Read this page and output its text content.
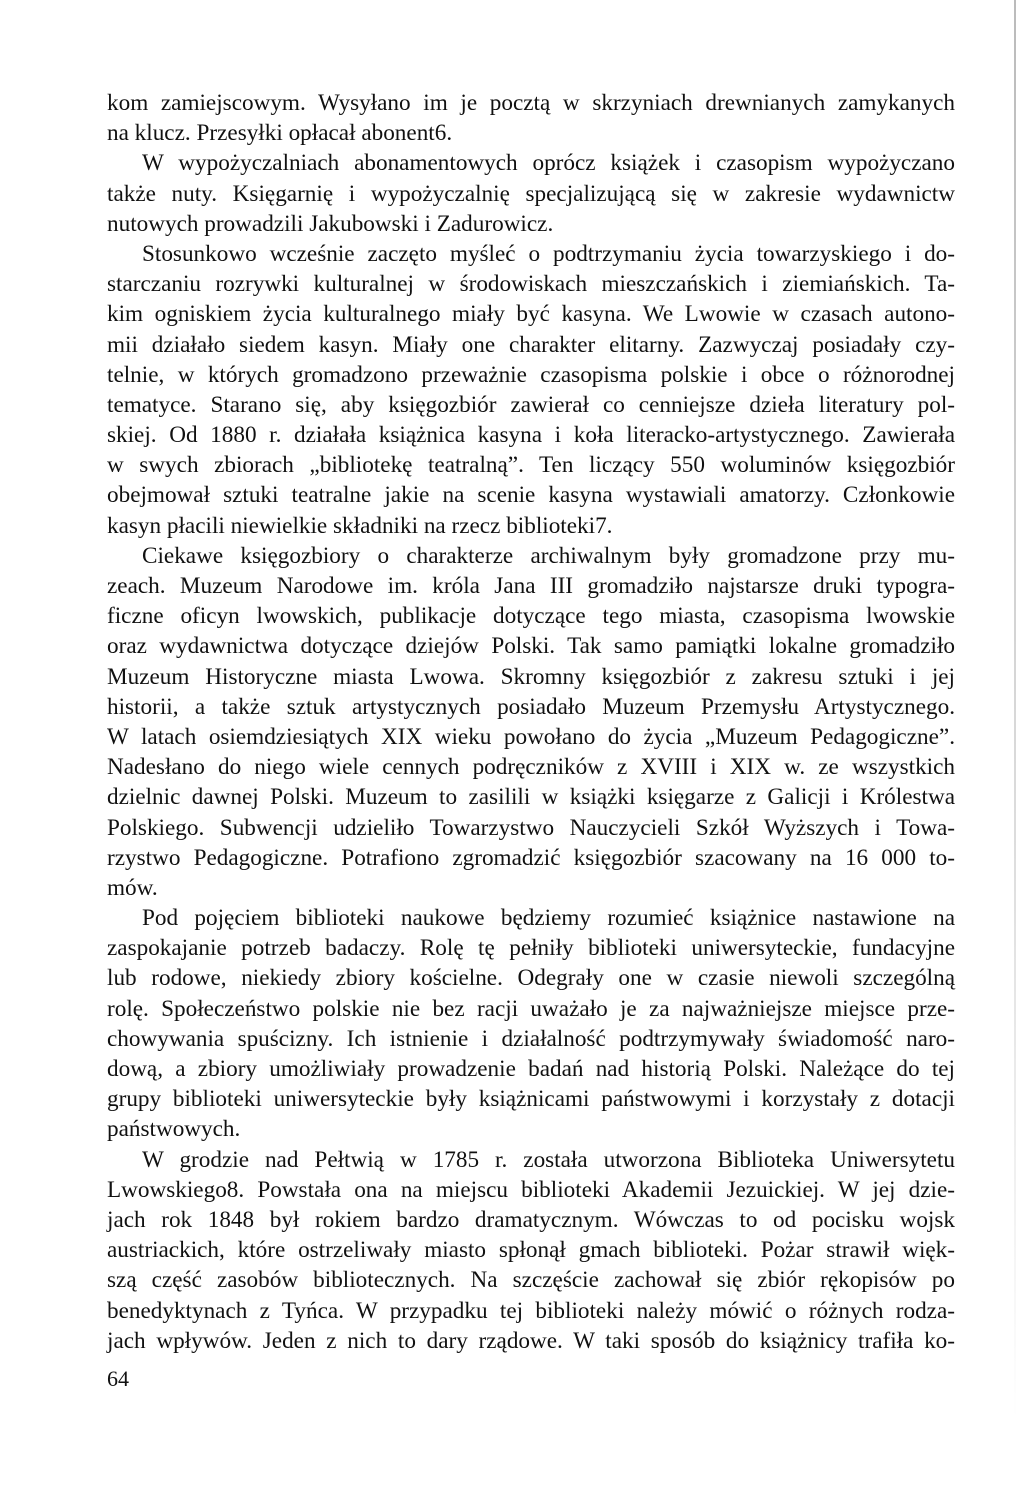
kom zamiejscowym. Wysyłano im je pocztą w skrzyniach drewnianych zamykanych
na klucz. Przesyłki opłacał abonent6.
W wypożyczalniach abonamentowych oprócz książek i czasopism wypożyczano
także nuty. Księgarnię i wypożyczalnię specjalizującą się w zakresie wydawnictw
nutowych prowadzili Jakubowski i Zadurowicz.
Stosunkowo wcześnie zaczęto myśleć o podtrzymaniu życia towarzyskiego i do-
starczaniu rozrywki kulturalnej w środowiskach mieszczańskich i ziemiańskich. Ta-
kim ogniskiem życia kulturalnego miały być kasyna. We Lwowie w czasach autono-
mii działało siedem kasyn. Miały one charakter elitarny. Zazwyczaj posiadały czy-
telnie, w których gromadzono przeważnie czasopisma polskie i obce o różnorodnej
tematyce. Starano się, aby księgozbiór zawierał co cenniejsze dzieła literatury pol-
skiej. Od 1880 r. działała książnica kasyna i koła literacko-artystycznego. Zawierała
w swych zbiorach „bibliotekę teatralną”. Ten liczący 550 woluminów księgozbiór
obejmował sztuki teatralne jakie na scenie kasyna wystawiali amatorzy. Członkowie
kasyn płacili niewielkie składniki na rzecz biblioteki7.
Ciekawe księgozbiory o charakterze archiwalnym były gromadzone przy mu-
zeach. Muzeum Narodowe im. króla Jana III gromadziło najstarsze druki typogra-
ficzne oficyn lwowskich, publikacje dotyczące tego miasta, czasopisma lwowskie
oraz wydawnictwa dotyczące dziejów Polski. Tak samo pamiątki lokalne gromadziło
Muzeum Historyczne miasta Lwowa. Skromny księgozbiór z zakresu sztuki i jej
historii, a także sztuk artystycznych posiadało Muzeum Przemysłu Artystycznego.
W latach osiemdziesiątych XIX wieku powołano do życia „Muzeum Pedagogiczne”.
Nadesłano do niego wiele cennych podręczników z XVIII i XIX w. ze wszystkich
dzielnic dawnej Polski. Muzeum to zasilili w książki księgarze z Galicji i Królestwa
Polskiego. Subwencji udzieliło Towarzystwo Nauczycieli Szkół Wyższych i Towa-
rzystwo Pedagogiczne. Potrafiono zgromadzić księgozbiór szacowany na 16 000 to-
mów.
Pod pojęciem biblioteki naukowe będziemy rozumieć książnice nastawione na
zaspokajanie potrzeb badaczy. Rolę tę pełniły biblioteki uniwersyteckie, fundacyjne
lub rodowe, niekiedy zbiory kościelne. Odegrały one w czasie niewoli szczególną
rolę. Społeczeństwo polskie nie bez racji uważało je za najważniejsze miejsce prze-
chowywania spuścizny. Ich istnienie i działalność podtrzymywały świadomość naro-
dową, a zbiory umożliwiały prowadzenie badań nad historią Polski. Należące do tej
grupy biblioteki uniwersyteckie były książnicami państwowymi i korzystały z dotacji
państwowych.
W grodzie nad Pełtwią w 1785 r. została utworzona Biblioteka Uniwersytetu
Lwowskiego8. Powstała ona na miejscu biblioteki Akademii Jezuickiej. W jej dzie-
jach rok 1848 był rokiem bardzo dramatycznym. Wówczas to od pocisku wojsk
austriackich, które ostrzeliwały miasto spłonął gmach biblioteki. Pożar strawił więk-
szą część zasobów bibliotecznych. Na szczęście zachował się zbiór rękopisów po
benedyktynach z Tyńca. W przypadku tej biblioteki należy mówić o różnych rodza-
jach wpływów. Jeden z nich to dary rządowe. W taki sposób do książnicy trafiła ko-
64
